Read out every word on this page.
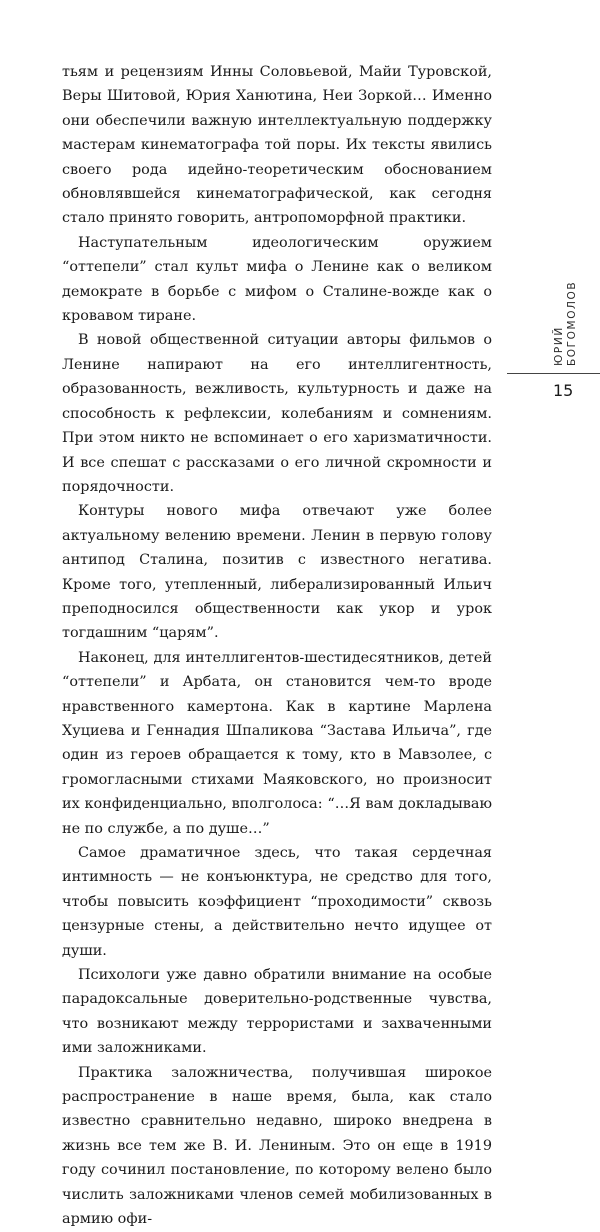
тьям и рецензиям Инны Соловьевой, Майи Туровской, Веры Шитовой, Юрия Ханютина, Неи Зоркой… Именно они обеспечили важную интеллектуальную поддержку мастерам кинематографа той поры. Их тексты явились своего рода идейно-теоретическим обоснованием обновлявшейся кинематографической, как сегодня стало принято говорить, антропоморфной практики.

Наступательным идеологическим оружием “оттепели” стал культ мифа о Ленине как о великом демократе в борьбе с мифом о Сталине-вожде как о кровавом тиране.

В новой общественной ситуации авторы фильмов о Ленине напирают на его интеллигентность, образованность, вежливость, культурность и даже на способность к рефлексии, колебаниям и сомнениям. При этом никто не вспоминает о его харизматичности. И все спешат с рассказами о его личной скромности и порядочности.

Контуры нового мифа отвечают уже более актуальному велению времени. Ленин в первую голову антипод Сталина, позитив с известного негатива. Кроме того, утепленный, либерализированный Ильич преподносился общественности как укор и урок тогдашним “царям”.

Наконец, для интеллигентов-шестидесятников, детей “оттепели” и Арбата, он становится чем-то вроде нравственного камертона. Как в картине Марлена Хуциева и Геннадия Шпаликова “Застава Ильича”, где один из героев обращается к тому, кто в Мавзолее, с громогласными стихами Маяковского, но произносит их конфиденциально, вполголоса: “…Я вам докладываю не по службе, а по душе…”

Самое драматичное здесь, что такая сердечная интимность — не конъюнктура, не средство для того, чтобы повысить коэффициент “проходимости” сквозь цензурные стены, а действительно нечто идущее от души.

Психологи уже давно обратили внимание на особые парадоксальные доверительно-родственные чувства, что возникают между террористами и захваченными ими заложниками.

Практика заложничества, получившая широкое распространение в наше время, была, как стало известно сравнительно недавно, широко внедрена в жизнь все тем же В. И. Лениным. Это он еще в 1919 году сочинил постановление, по которому велено было числить заложниками членов семей мобилизованных в армию офи-

ЮРИЙ БОГОМОЛОВ
15
